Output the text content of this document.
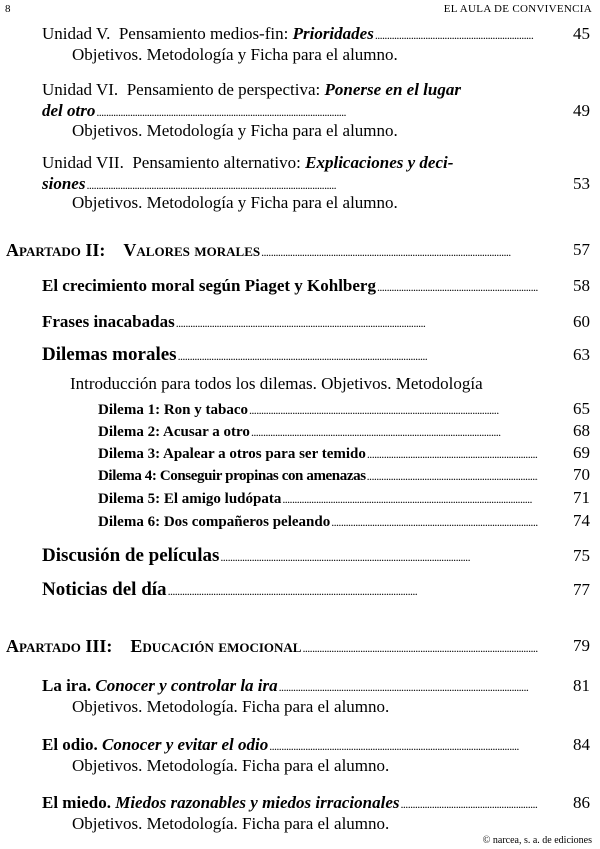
8	EL AULA DE CONVIVENCIA
Unidad V.
Pensamiento medios-fin:
Prioridades . . .	45
Objetivos. Metodología y Ficha para el alumno.
Unidad VI. Pensamiento de perspectiva: Ponerse en el lugar
del otro . . .	49
Objetivos. Metodología y Ficha para el alumno.
Unidad VII. Pensamiento alternativo: Explicaciones y deci-
siones . . .	53
Objetivos. Metodología y Ficha para el alumno.
Apartado II:
Valores morales . . .	57
El crecimiento moral según Piaget y Kohlberg . . .	58
Frases inacabadas . . .	60
Dilemas morales . . .	63
Introducción para todos los dilemas. Objetivos. Metodología
Dilema 1: Ron y tabaco . . .	65
Dilema 2: Acusar a otro . . .	68
Dilema 3: Apalear a otros para ser temido . . .	69
Dilema 4: Conseguir propinas con amenazas . . .	70
Dilema 5: El amigo ludópata . . .	71
Dilema 6: Dos compañeros peleando . . .	74
Discusión de películas . . .	75
Noticias del día . . .	77
Apartado III:
Educación emocional . . .	79
La ira.
Conocer y controlar la ira . . .	81
Objetivos. Metodología. Ficha para el alumno.
El odio.
Conocer y evitar el odio . . .	84
Objetivos. Metodología. Ficha para el alumno.
El miedo.
Miedos razonables y miedos irracionales . . .	86
Objetivos. Metodología. Ficha para el alumno.
© narcea, s. a. de ediciones
